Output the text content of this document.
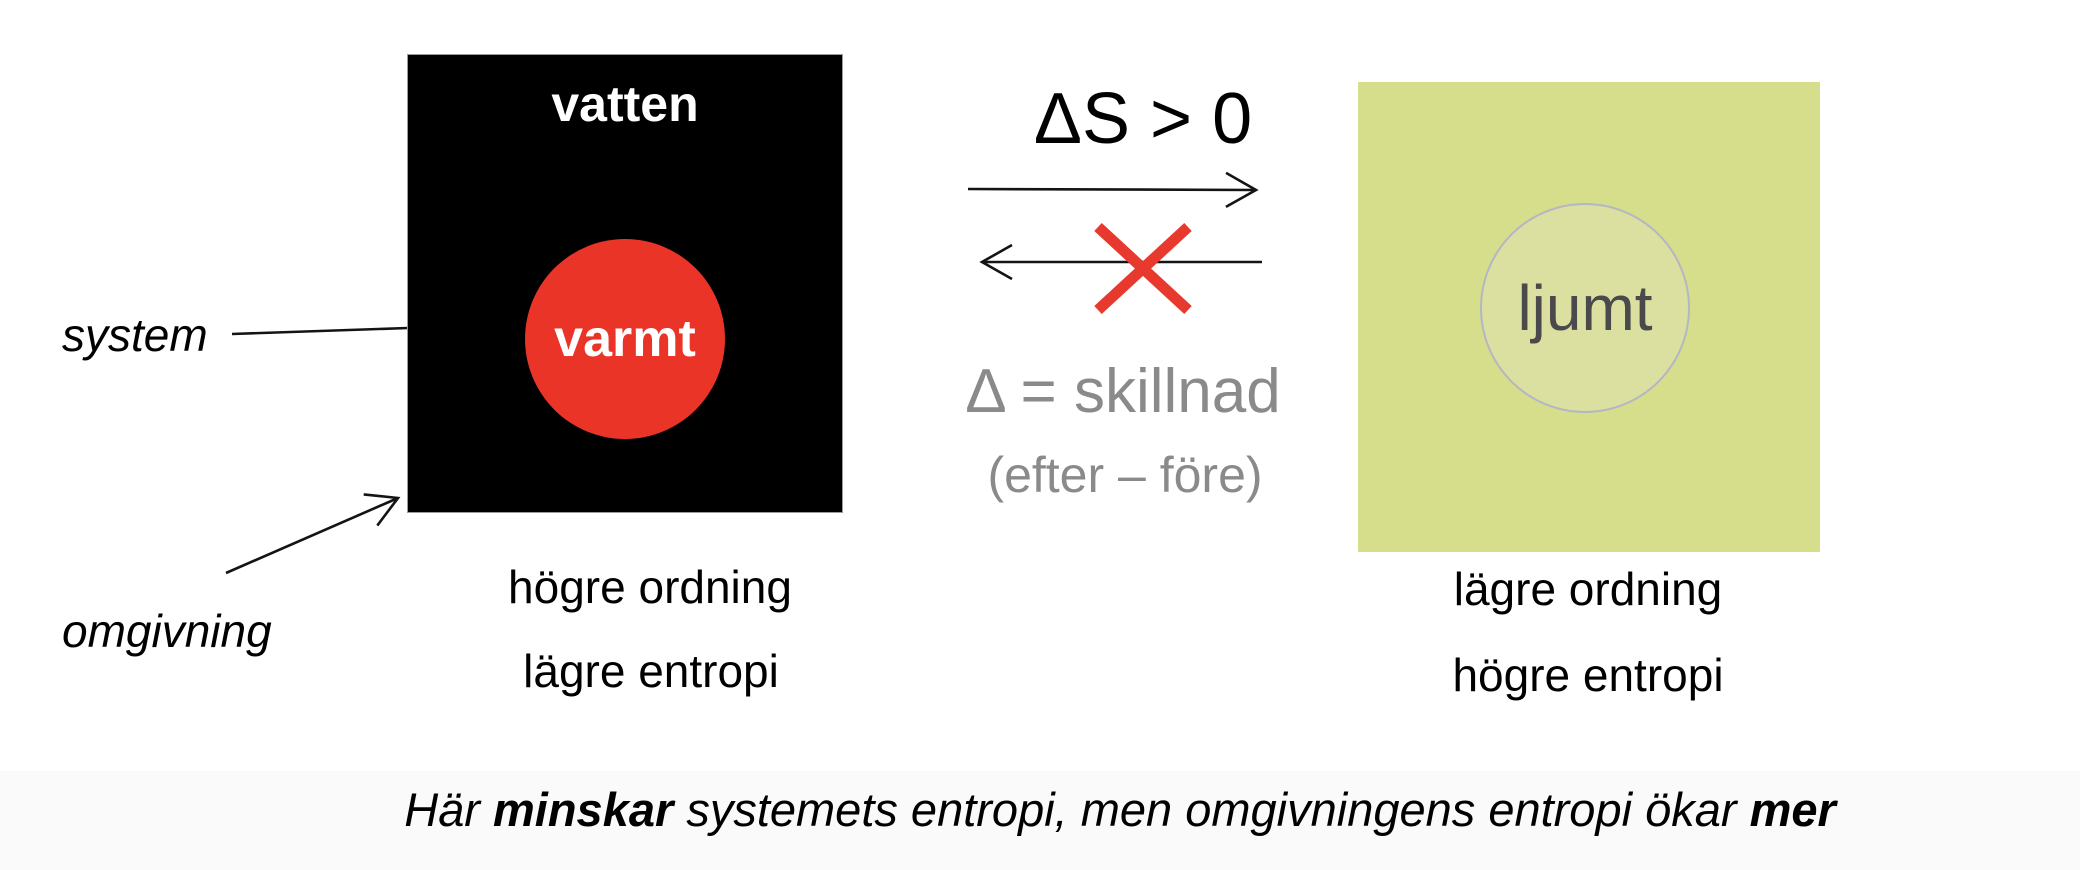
vatten
varmt	ljumt
system
omgivning
ΔS > 0
Δ = skillnad
(efter – före)
högre ordning
lägre entropi
lägre ordning
högre entropi
Här minskar systemets entropi, men omgivningens entropi ökar mer
